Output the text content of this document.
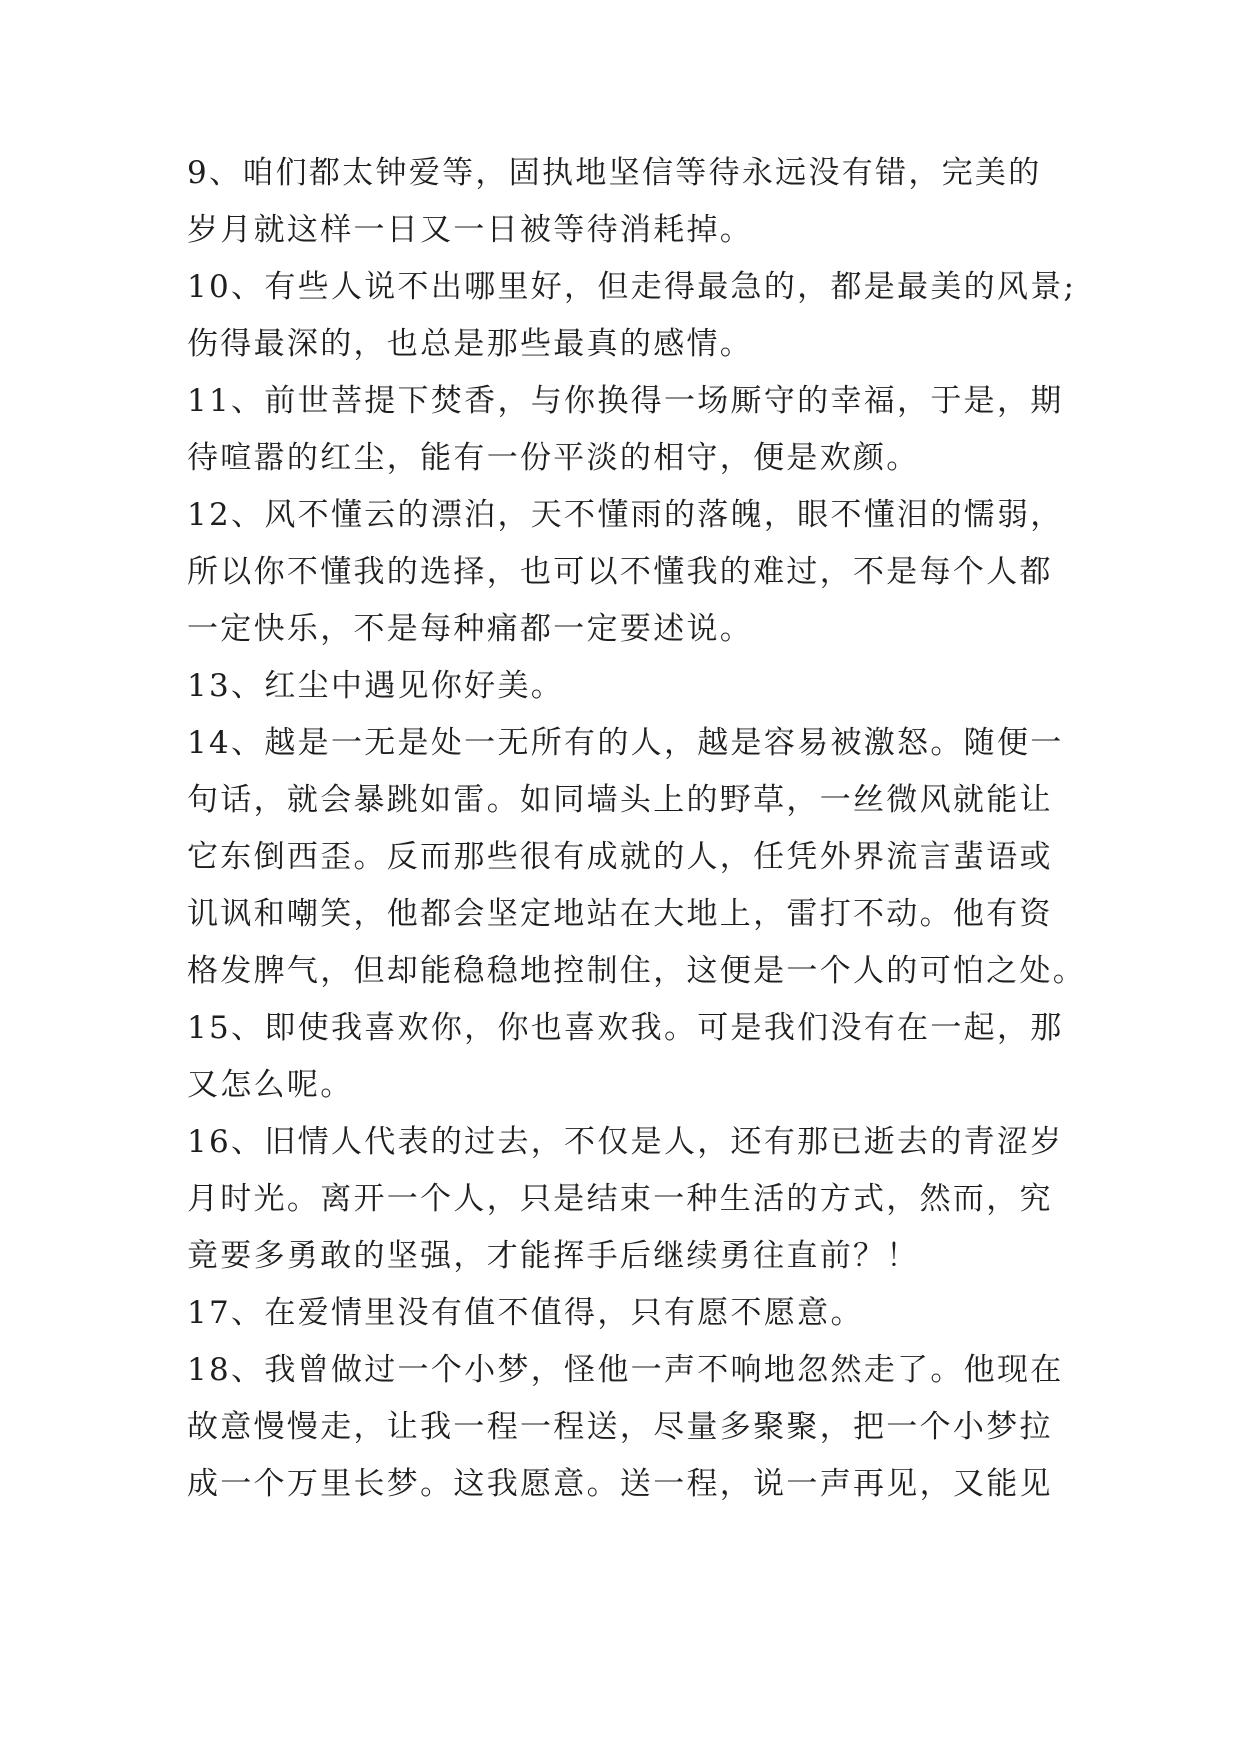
9、咱们都太钟爱等，固执地坚信等待永远没有错，完美的
岁月就这样一日又一日被等待消耗掉。
10、有些人说不出哪里好，但走得最急的，都是最美的风景;
伤得最深的，也总是那些最真的感情。
11、前世菩提下焚香，与你换得一场厮守的幸福，于是，期
待喧嚣的红尘，能有一份平淡的相守，便是欢颜。
12、风不懂云的漂泊，天不懂雨的落魄，眼不懂泪的懦弱，
所以你不懂我的选择，也可以不懂我的难过，不是每个人都
一定快乐，不是每种痛都一定要述说。
13、红尘中遇见你好美。
14、越是一无是处一无所有的人，越是容易被激怒。随便一
句话，就会暴跳如雷。如同墙头上的野草，一丝微风就能让
它东倒西歪。反而那些很有成就的人，任凭外界流言蜚语或
讥讽和嘲笑，他都会坚定地站在大地上，雷打不动。他有资
格发脾气，但却能稳稳地控制住，这便是一个人的可怕之处。
15、即使我喜欢你，你也喜欢我。可是我们没有在一起，那
又怎么呢。
16、旧情人代表的过去，不仅是人，还有那已逝去的青涩岁
月时光。离开一个人，只是结束一种生活的方式，然而，究
竟要多勇敢的坚强，才能挥手后继续勇往直前？！
17、在爱情里没有值不值得，只有愿不愿意。
18、我曾做过一个小梦，怪他一声不响地忽然走了。他现在
故意慢慢走，让我一程一程送，尽量多聚聚，把一个小梦拉
成一个万里长梦。这我愿意。送一程，说一声再见，又能见
